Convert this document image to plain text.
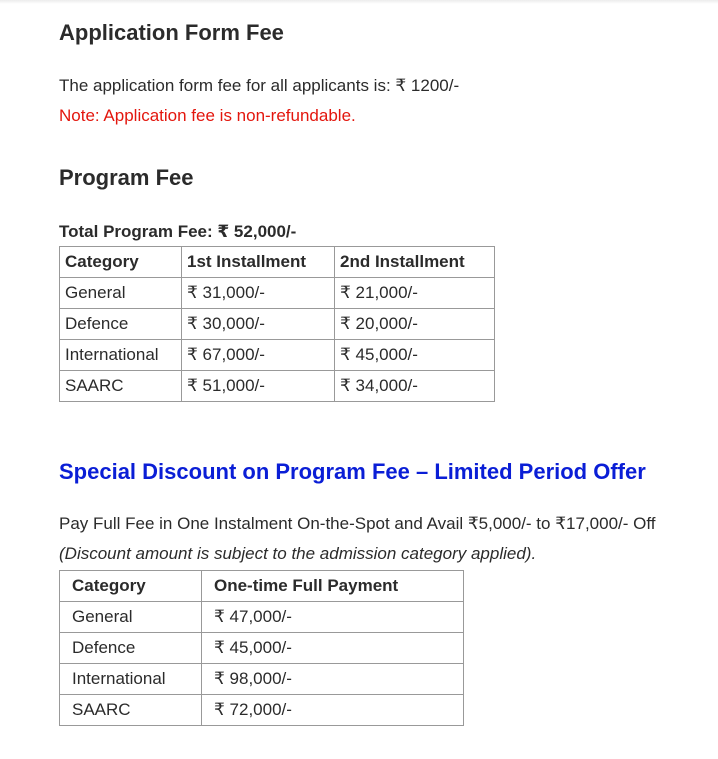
Application Form Fee
The application form fee for all applicants is: ₹ 1200/-
Note: Application fee is non-refundable.
Program Fee
Total Program Fee: ₹ 52,000/-
Category	1st Installment	2nd Installment
General	₹ 31,000/-	₹ 21,000/-
Defence	₹ 30,000/-	₹ 20,000/-
International	₹ 67,000/-	₹ 45,000/-
SAARC	₹ 51,000/-	₹ 34,000/-
Special Discount on Program Fee – Limited Period Offer
Pay Full Fee in One Instalment On-the-Spot and Avail ₹5,000/- to ₹17,000/- Off
(Discount amount is subject to the admission category applied).
Category	One-time Full Payment
General	₹ 47,000/-
Defence	₹ 45,000/-
International	₹ 98,000/-
SAARC	₹ 72,000/-
